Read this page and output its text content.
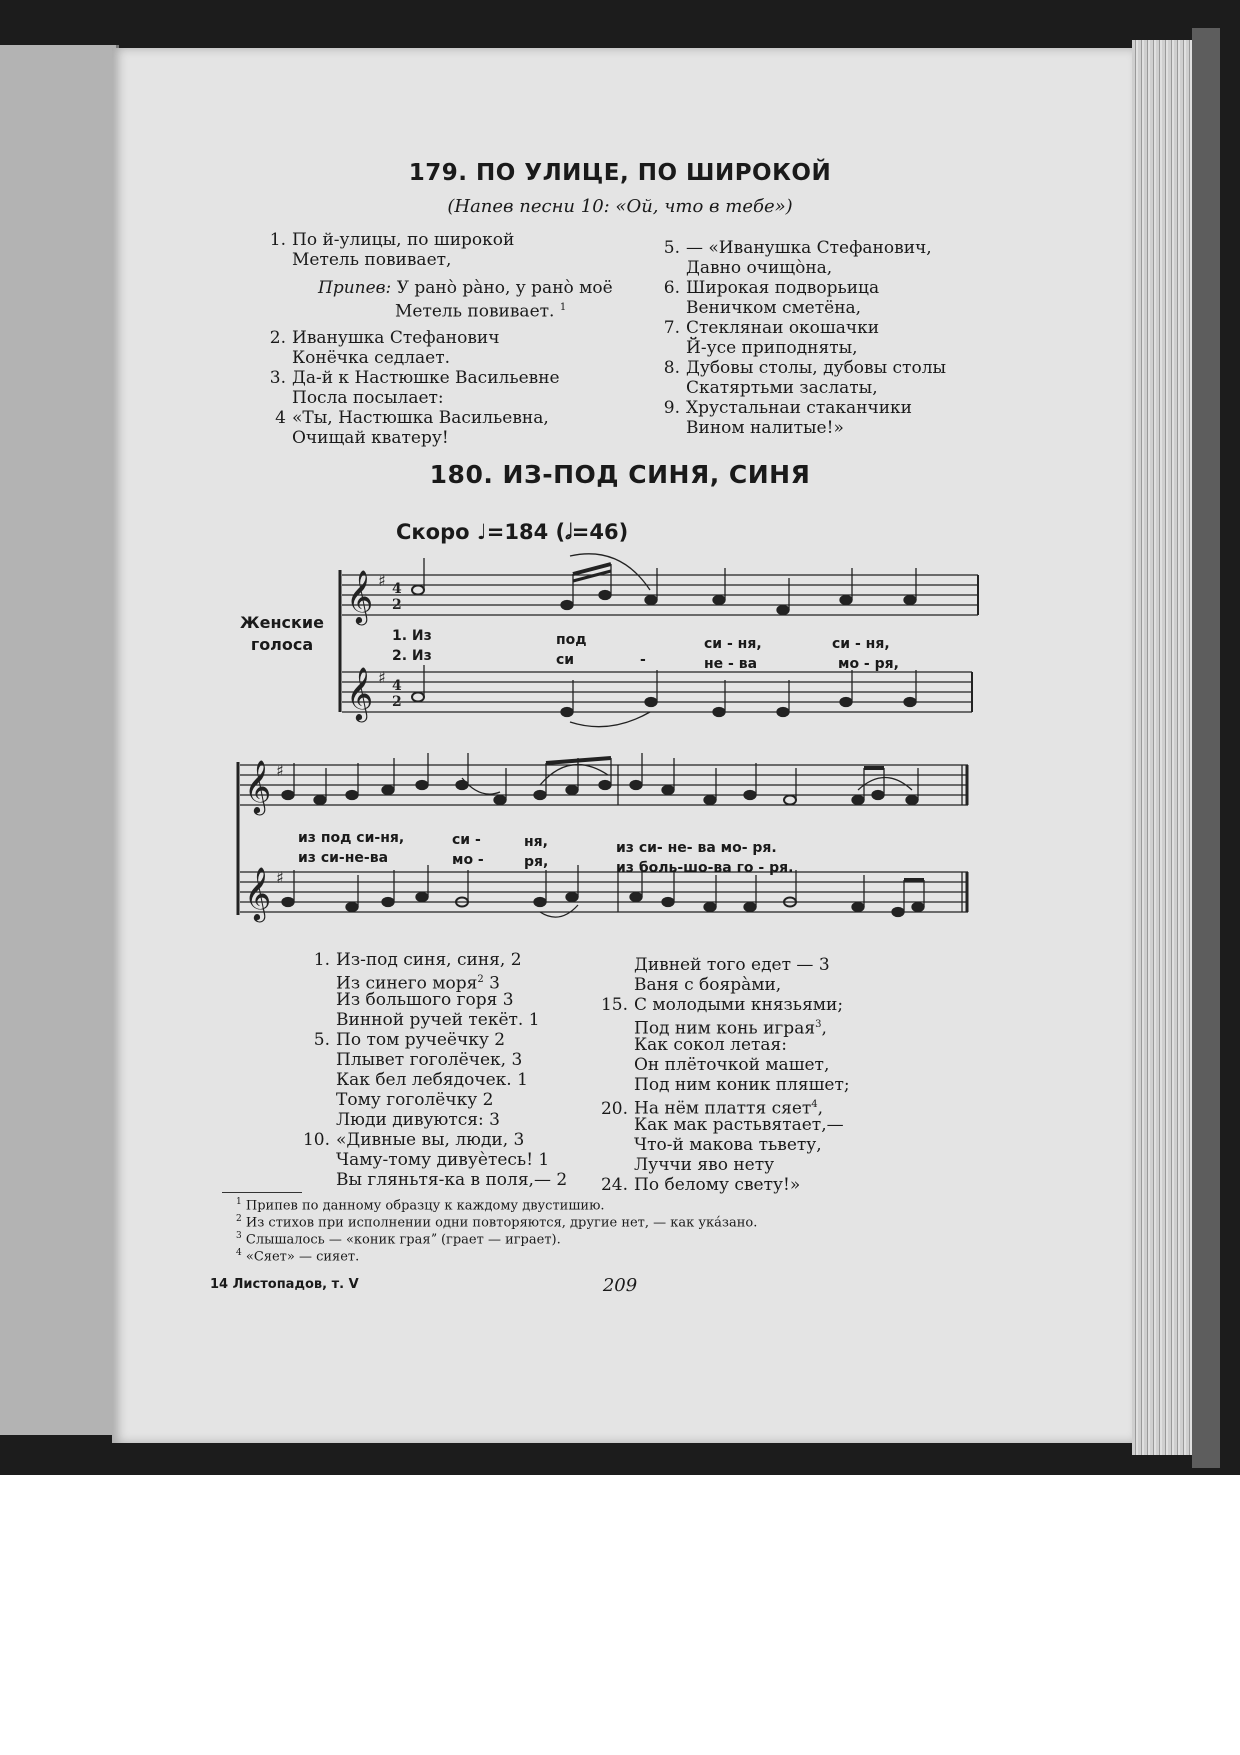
179. ПО УЛИЦЕ, ПО ШИРОКОЙ
(Напев песни 10: «Ой, что в тебе»)
1. По й-улицы, по широкой
Метель повивает,
Припев: У ранò рàно, у ранò моё
Метель повивает. $^1$
2. Иванушка Стефанович
Конёчка седлает.
3. Да-й к Настюшке Васильевне
Посла посылает:
4 «Ты, Настюшка Васильевна,
Очищай кватеру!
5. — «Иванушка Стефанович,
Давно очищòна,
6. Широкая подворьица
Веничком сметёна,
7. Стеклянаи окошачки
Й-усе приподняты,
8. Дубовы столы, дубовы столы
Скатяртьми заслаты,
9. Хрустальнаи стаканчики
Вином налитые!»
180. ИЗ-ПОД СИНЯ, СИНЯ
Скоро ♩=184 (𝅗𝅥=46)
Женские
голоса
𝄞
𝄞
𝄞
𝄞
♯
♯
♯
♯
4
2
4
2
1. Из	под	си - ня,	си - ня,
2. Из	си	-	не - ва	мо - ря,
из под си-ня,	си -	ня,	из си- не- ва мо- ря.
из си-не-ва	мо -	ря,	из боль-шо-ва го - ря.
1. Из-под синя, синя, 2
Из синего моря$^2$ 3
Из большого горя 3
Винной ручей текёт. 1
5. По том ручеёчку 2
Плывет гоголёчек, 3
Как бел лебядочек. 1
Тому гоголёчку 2
Люди дивуются: 3
10. «Дивные вы, люди, 3
Чаму-тому дивуѐтесь! 1
Вы гляньтя-ка в поля,— 2
Дивней того едет — 3
Ваня с боярàми,
15. С молодыми князьями;
Под ним конь играя$^3$,
Как сокол летая:
Он плёточкой машет,
Под ним коник пляшет;
20. На нём плаття сяет$^4$,
Как мак растьвятает,—
Что-й макова тьвету,
Луччи яво нету
24. По белому свету!»
$^1$ Припев по данному образцу к каждому двустишию.
$^2$ Из стихов при исполнении одни повторяются, другие нет, — как укáзано.
$^3$ Слышалось — «коник граяˮ (грает — играет).
$^4$ «Сяет» — сияет.
14 Листопадов, т. V	209
